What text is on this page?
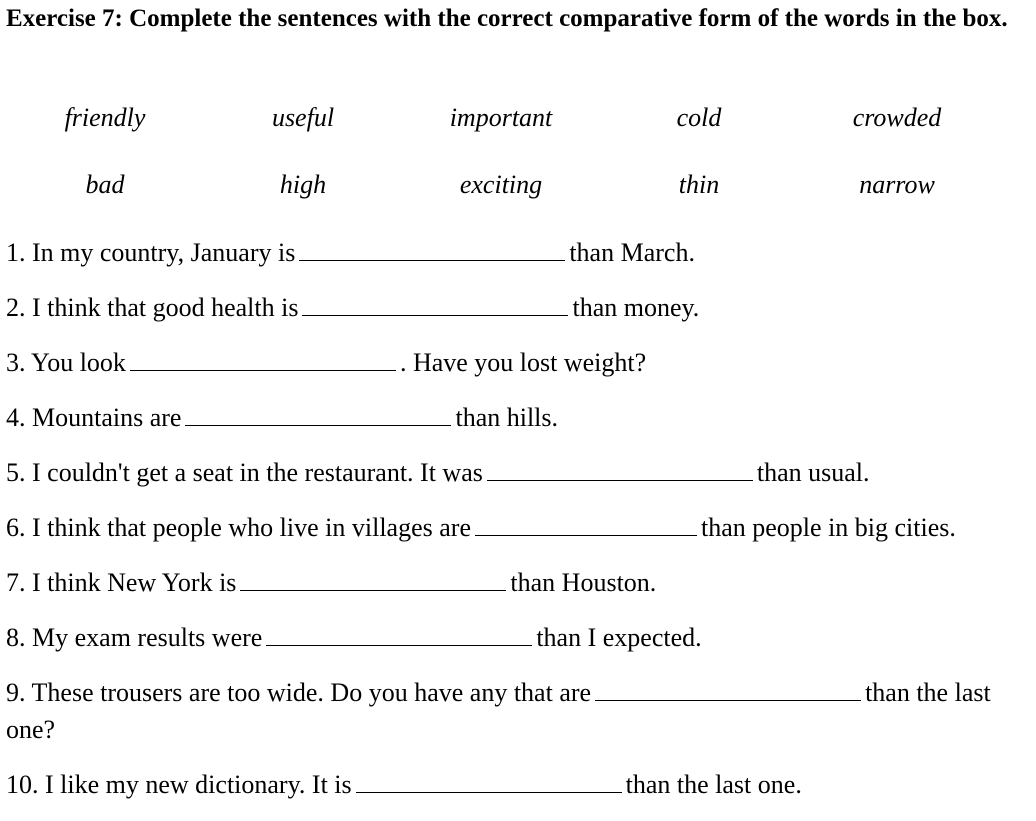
Exercise 7: Complete the sentences with the correct comparative form of the words in the box.
friendly	useful	important	cold	crowded
bad	high	exciting	thin	narrow
1. In my country, January is	than March.
2. I think that good health is	than money.
3. You look	. Have you lost weight?
4. Mountains are	than hills.
5. I couldn't get a seat in the restaurant. It was	than usual.
6. I think that people who live in villages are	than people in big cities.
7. I think New York is	than Houston.
8. My exam results were	than I expected.
9. These trousers are too wide. Do you have any that are	than the last one?
10. I like my new dictionary. It is	than the last one.
